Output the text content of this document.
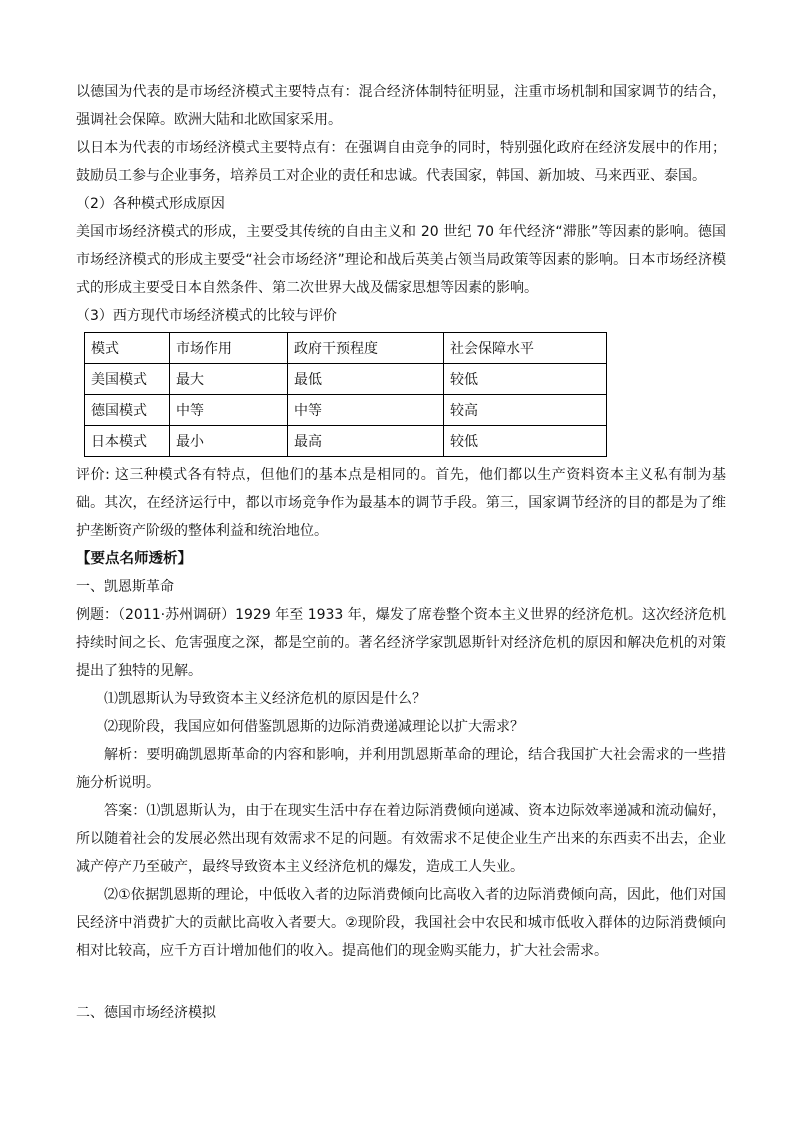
以德国为代表的是市场经济模式主要特点有：混合经济体制特征明显，注重市场机制和国家调节的结合，强调社会保障。欧洲大陆和北欧国家采用。

以日本为代表的市场经济模式主要特点有：在强调自由竞争的同时，特别强化政府在经济发展中的作用；鼓励员工参与企业事务，培养员工对企业的责任和忠诚。代表国家，韩国、新加坡、马来西亚、泰国。

（2）各种模式形成原因

美国市场经济模式的形成，主要受其传统的自由主义和 20 世纪 70 年代经济“滞胀”等因素的影响。德国市场经济模式的形成主要受“社会市场经济”理论和战后英美占领当局政策等因素的影响。日本市场经济模式的形成主要受日本自然条件、第二次世界大战及儒家思想等因素的影响。

（3）西方现代市场经济模式的比较与评价

模式	市场作用	政府干预程度	社会保障水平
美国模式	最大	最低	较低
德国模式	中等	中等	较高
日本模式	最小	最高	较低

评价: 这三种模式各有特点，但他们的基本点是相同的。首先，他们都以生产资料资本主义私有制为基础。其次，在经济运行中，都以市场竞争作为最基本的调节手段。第三，国家调节经济的目的都是为了维护垄断资产阶级的整体利益和统治地位。

【要点名师透析】

一、凯恩斯革命

例题：（2011·苏州调研）1929 年至 1933 年，爆发了席卷整个资本主义世界的经济危机。这次经济危机持续时间之长、危害强度之深，都是空前的。著名经济学家凯恩斯针对经济危机的原因和解决危机的对策提出了独特的见解。

⑴凯恩斯认为导致资本主义经济危机的原因是什么？

⑵现阶段，我国应如何借鉴凯恩斯的边际消费递减理论以扩大需求？

解析：要明确凯恩斯革命的内容和影响，并利用凯恩斯革命的理论，结合我国扩大社会需求的一些措施分析说明。

答案：⑴凯恩斯认为，由于在现实生活中存在着边际消费倾向递减、资本边际效率递减和流动偏好，所以随着社会的发展必然出现有效需求不足的问题。有效需求不足使企业生产出来的东西卖不出去，企业减产停产乃至破产，最终导致资本主义经济危机的爆发，造成工人失业。

⑵①依据凯恩斯的理论，中低收入者的边际消费倾向比高收入者的边际消费倾向高，因此，他们对国民经济中消费扩大的贡献比高收入者要大。②现阶段，我国社会中农民和城市低收入群体的边际消费倾向相对比较高，应千方百计增加他们的收入。提高他们的现金购买能力，扩大社会需求。

二、德国市场经济模拟
